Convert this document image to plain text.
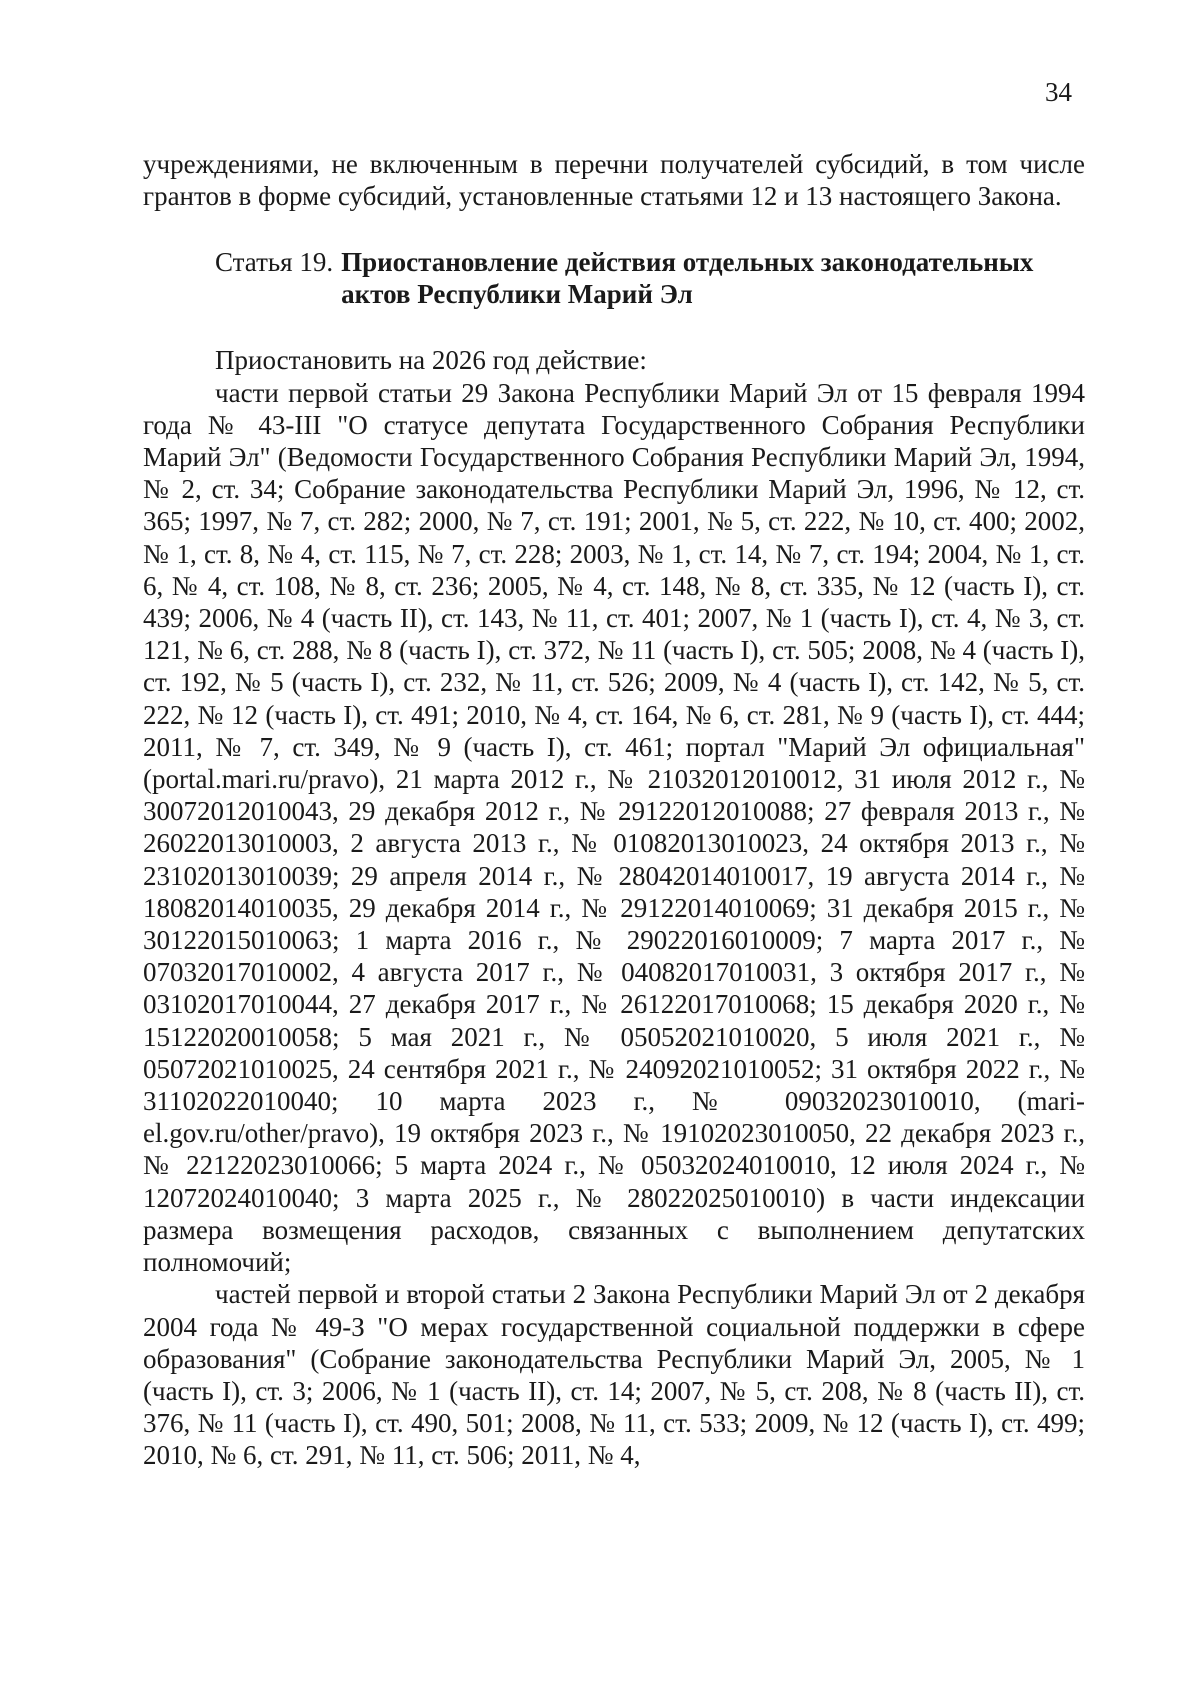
34

учреждениями, не включенным в перечни получателей субсидий, в том числе грантов в форме субсидий, установленные статьями 12 и 13 настоящего Закона.

Статья 19. Приостановление действия отдельных законодательных
актов Республики Марий Эл

Приостановить на 2026 год действие:

части первой статьи 29 Закона Республики Марий Эл от 15 февраля 1994 года № 43-III "О статусе депутата Государственного Собрания Республики Марий Эл" (Ведомости Государственного Собрания Республики Марий Эл, 1994, № 2, ст. 34; Собрание законодательства Республики Марий Эл, 1996, № 12, ст. 365; 1997, № 7, ст. 282; 2000, № 7, ст. 191; 2001, № 5, ст. 222, № 10, ст. 400; 2002, № 1, ст. 8, № 4, ст. 115, № 7, ст. 228; 2003, № 1, ст. 14, № 7, ст. 194; 2004, № 1, ст. 6, № 4, ст. 108, № 8, ст. 236; 2005, № 4, ст. 148, № 8, ст. 335, № 12 (часть I), ст. 439; 2006, № 4 (часть II), ст. 143, № 11, ст. 401; 2007, № 1 (часть I), ст. 4, № 3, ст. 121, № 6, ст. 288, № 8 (часть I), ст. 372, № 11 (часть I), ст. 505; 2008, № 4 (часть I), ст. 192, № 5 (часть I), ст. 232, № 11, ст. 526; 2009, № 4 (часть I), ст. 142, № 5, ст. 222, № 12 (часть I), ст. 491; 2010, № 4, ст. 164, № 6, ст. 281, № 9 (часть I), ст. 444; 2011, № 7, ст. 349, № 9 (часть I), ст. 461; портал "Марий Эл официальная" (portal.mari.ru/pravo), 21 марта 2012 г., № 21032012010012, 31 июля 2012 г., № 30072012010043, 29 декабря 2012 г., № 29122012010088; 27 февраля 2013 г., № 26022013010003, 2 августа 2013 г., № 01082013010023, 24 октября 2013 г., № 23102013010039; 29 апреля 2014 г., № 28042014010017, 19 августа 2014 г., № 18082014010035, 29 декабря 2014 г., № 29122014010069; 31 декабря 2015 г., № 30122015010063; 1 марта 2016 г., № 29022016010009; 7 марта 2017 г., № 07032017010002, 4 августа 2017 г., № 04082017010031, 3 октября 2017 г., № 03102017010044, 27 декабря 2017 г., № 26122017010068; 15 декабря 2020 г., № 15122020010058; 5 мая 2021 г., № 05052021010020, 5 июля 2021 г., № 05072021010025, 24 сентября 2021 г., № 24092021010052; 31 октября 2022 г., № 31102022010040; 10 марта 2023 г., № 09032023010010, (mari-el.gov.ru/other/pravo), 19 октября 2023 г., № 19102023010050, 22 декабря 2023 г., № 22122023010066; 5 марта 2024 г., № 05032024010010, 12 июля 2024 г., № 12072024010040; 3 марта 2025 г., № 28022025010010) в части индексации размера возмещения расходов, связанных с выполнением депутатских полномочий;

частей первой и второй статьи 2 Закона Республики Марий Эл от 2 декабря 2004 года № 49-З "О мерах государственной социальной поддержки в сфере образования" (Собрание законодательства Республики Марий Эл, 2005, № 1 (часть I), ст. 3; 2006, № 1 (часть II), ст. 14; 2007, № 5, ст. 208, № 8 (часть II), ст. 376, № 11 (часть I), ст. 490, 501; 2008, № 11, ст. 533; 2009, № 12 (часть I), ст. 499; 2010, № 6, ст. 291, № 11, ст. 506; 2011, № 4,
